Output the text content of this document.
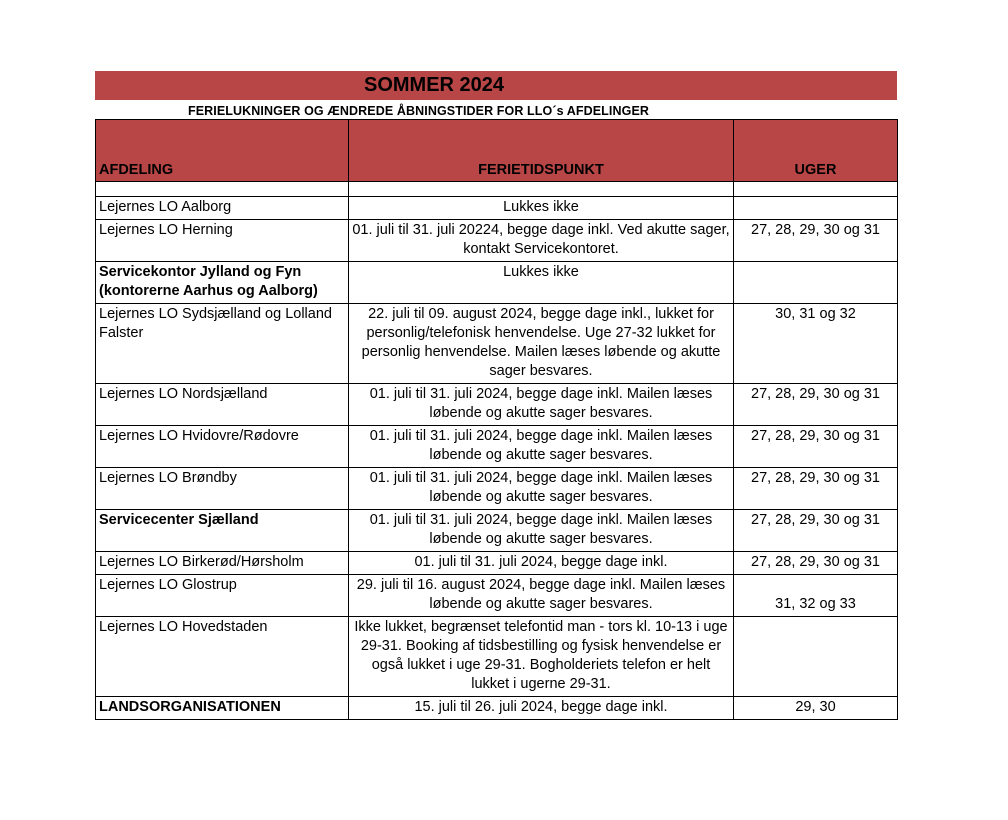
SOMMER 2024
FERIELUKNINGER OG ÆNDREDE ÅBNINGSTIDER FOR LLO´s AFDELINGER
AFDELING	FERIETIDSPUNKT	UGER

Lejernes LO Aalborg	Lukkes ikke	
Lejernes LO Herning	01. juli til 31. juli 20224, begge dage inkl. Ved akutte sager, kontakt Servicekontoret.	27, 28, 29, 30 og 31
Servicekontor Jylland og Fyn (kontorerne Aarhus og Aalborg)	Lukkes ikke	
Lejernes LO Sydsjælland og Lolland Falster	22. juli til 09. august 2024, begge dage inkl., lukket for personlig/telefonisk henvendelse. Uge 27-32 lukket for personlig henvendelse. Mailen læses løbende og akutte sager besvares.	30, 31 og 32
Lejernes LO Nordsjælland	01. juli til 31. juli 2024, begge dage inkl. Mailen læses løbende og akutte sager besvares.	27, 28, 29, 30 og 31
Lejernes LO Hvidovre/Rødovre	01. juli til 31. juli 2024, begge dage inkl. Mailen læses løbende og akutte sager besvares.	27, 28, 29, 30 og 31
Lejernes LO Brøndby	01. juli til 31. juli 2024, begge dage inkl. Mailen læses løbende og akutte sager besvares.	27, 28, 29, 30 og 31
Servicecenter Sjælland	01. juli til 31. juli 2024, begge dage inkl. Mailen læses løbende og akutte sager besvares.	27, 28, 29, 30 og 31
Lejernes LO Birkerød/Hørsholm	01. juli til 31. juli 2024, begge dage inkl.	27, 28, 29, 30 og 31
Lejernes LO Glostrup	29. juli til 16. august 2024, begge dage inkl. Mailen læses løbende og akutte sager besvares.	31, 32 og 33
Lejernes LO Hovedstaden	Ikke lukket, begrænset telefontid man - tors kl. 10-13 i uge 29-31. Booking af tidsbestilling og fysisk henvendelse er også lukket i uge 29-31. Bogholderiets telefon er helt lukket i ugerne 29-31.	
LANDSORGANISATIONEN	15. juli til 26. juli 2024, begge dage inkl.	29, 30
